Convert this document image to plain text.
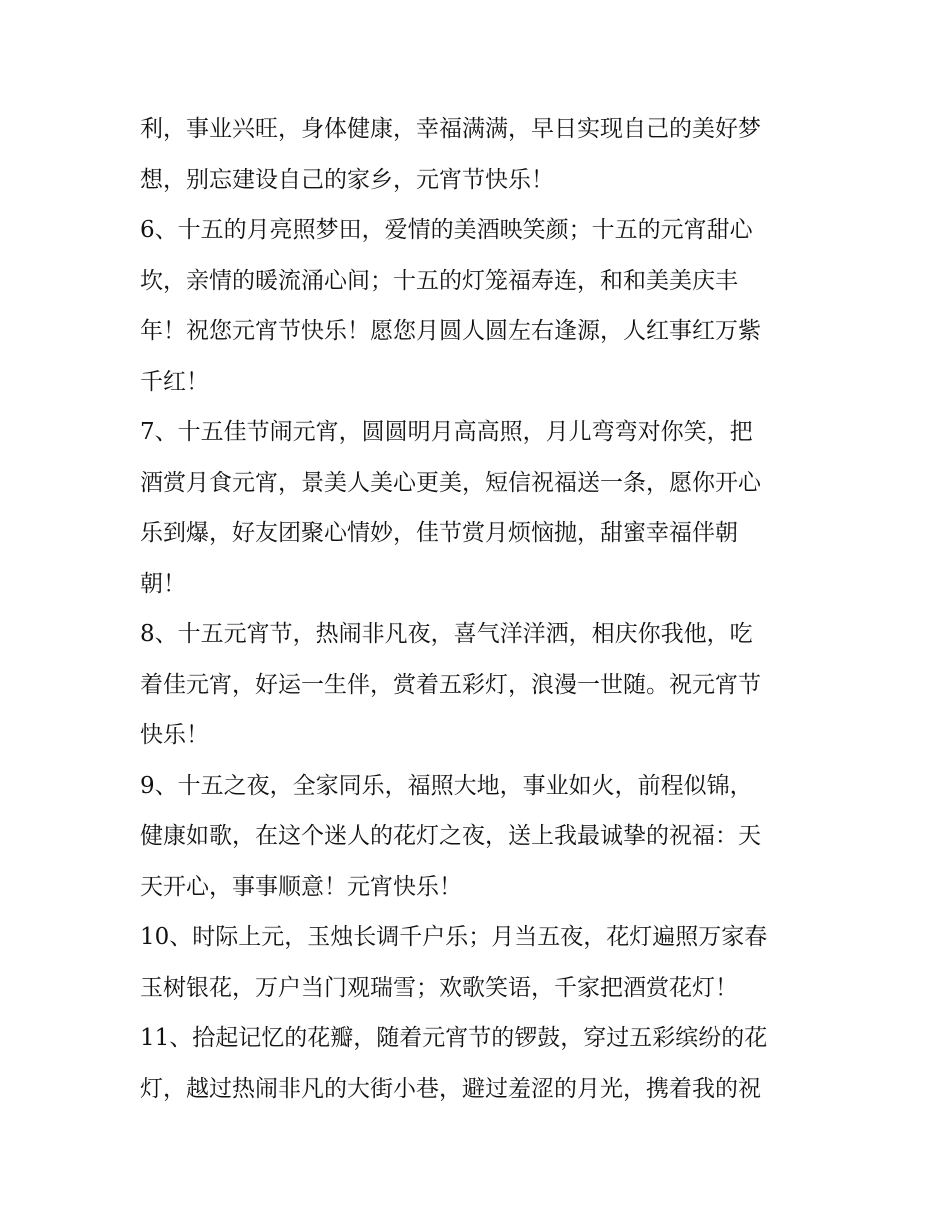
利，事业兴旺，身体健康，幸福满满，早日实现自己的美好梦
想，别忘建设自己的家乡，元宵节快乐！
6、十五的月亮照梦田，爱情的美酒映笑颜；十五的元宵甜心
坎，亲情的暖流涌心间；十五的灯笼福寿连，和和美美庆丰
年！祝您元宵节快乐！愿您月圆人圆左右逢源，人红事红万紫
千红！
7、十五佳节闹元宵，圆圆明月高高照，月儿弯弯对你笑，把
酒赏月食元宵，景美人美心更美，短信祝福送一条，愿你开心
乐到爆，好友团聚心情妙，佳节赏月烦恼抛，甜蜜幸福伴朝
朝！
8、十五元宵节，热闹非凡夜，喜气洋洋洒，相庆你我他，吃
着佳元宵，好运一生伴，赏着五彩灯，浪漫一世随。祝元宵节
快乐！
9、十五之夜，全家同乐，福照大地，事业如火，前程似锦，
健康如歌，在这个迷人的花灯之夜，送上我最诚挚的祝福：天
天开心，事事顺意！元宵快乐！
10、时际上元，玉烛长调千户乐；月当五夜，花灯遍照万家春
玉树银花，万户当门观瑞雪；欢歌笑语，千家把酒赏花灯！
11、拾起记忆的花瓣，随着元宵节的锣鼓，穿过五彩缤纷的花
灯，越过热闹非凡的大街小巷，避过羞涩的月光，携着我的祝
